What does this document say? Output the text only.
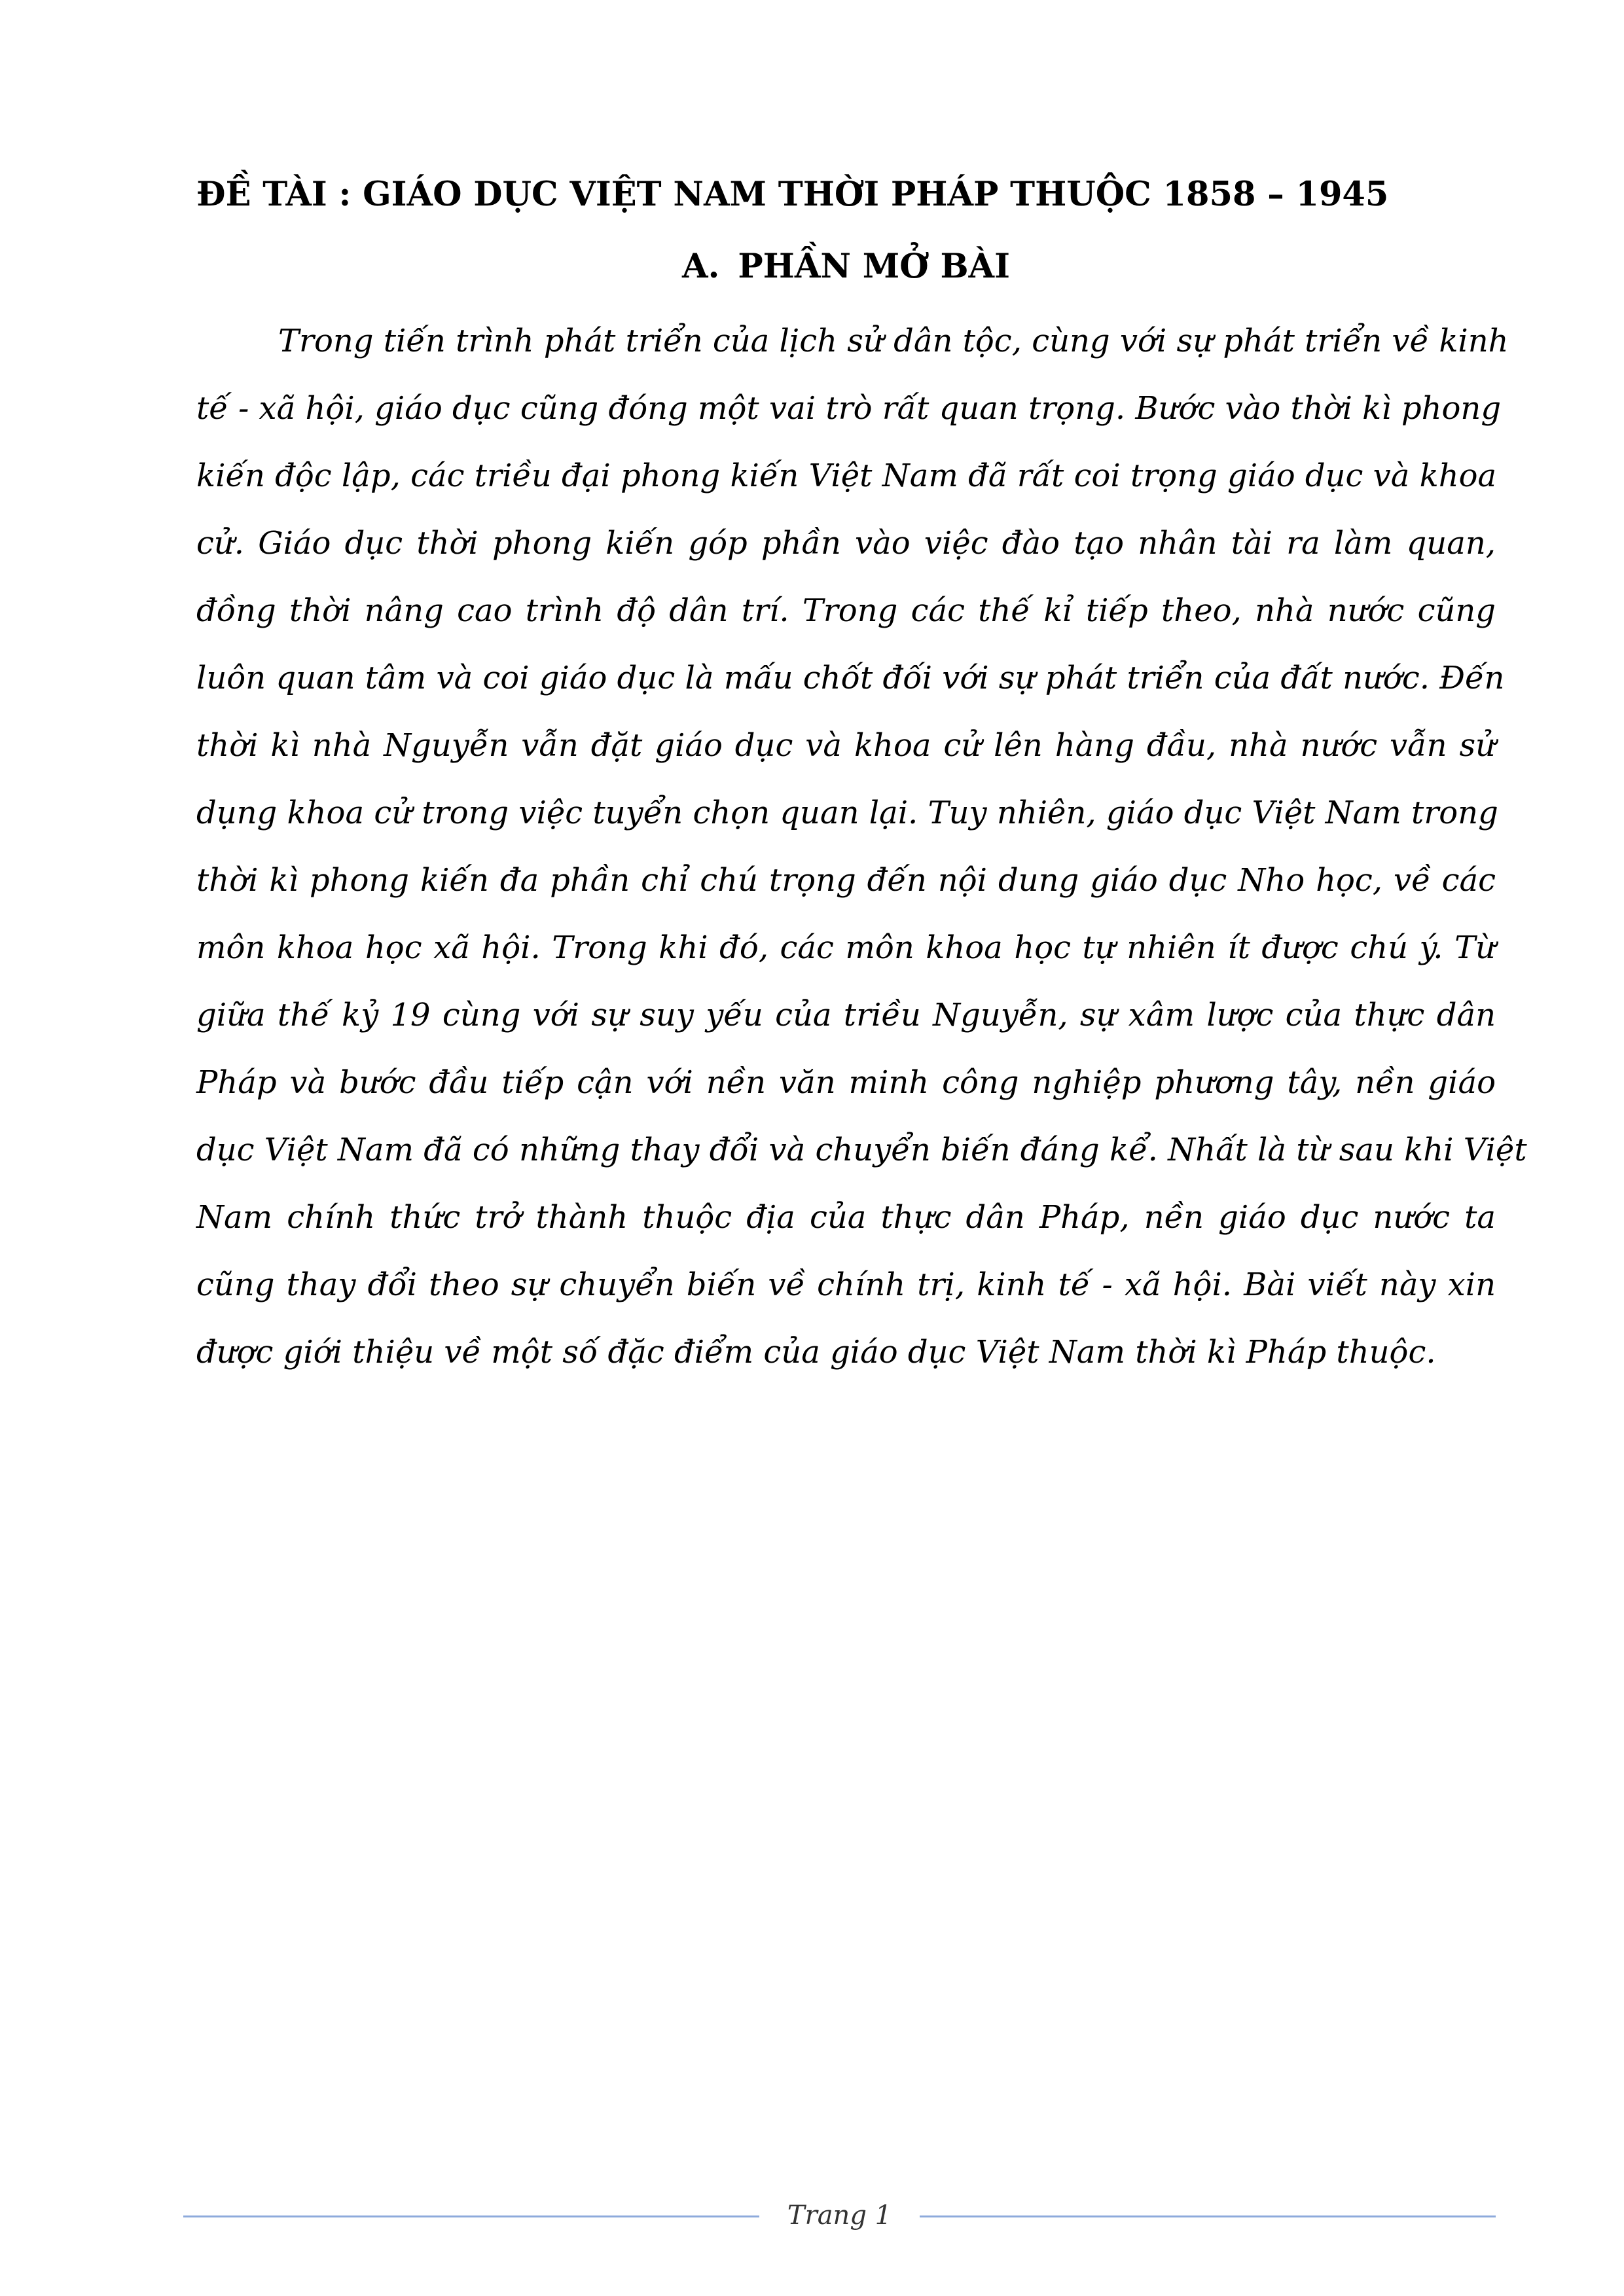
ĐỀ TÀI : GIÁO DỤC VIỆT NAM THỜI PHÁP THUỘC 1858 – 1945
A. PHẦN MỞ BÀI
Trong tiến trình phát triển của lịch sử dân tộc, cùng với sự phát triển về kinh
tế - xã hội, giáo dục cũng đóng một vai trò rất quan trọng. Bước vào thời kì phong
kiến độc lập, các triều đại phong kiến Việt Nam đã rất coi trọng giáo dục và khoa
cử. Giáo dục thời phong kiến góp phần vào việc đào tạo nhân tài ra làm quan,
đồng thời nâng cao trình độ dân trí. Trong các thế kỉ tiếp theo, nhà nước cũng
luôn quan tâm và coi giáo dục là mấu chốt đối với sự phát triển của đất nước. Đến
thời kì nhà Nguyễn vẫn đặt giáo dục và khoa cử lên hàng đầu, nhà nước vẫn sử
dụng khoa cử trong việc tuyển chọn quan lại. Tuy nhiên, giáo dục Việt Nam trong
thời kì phong kiến đa phần chỉ chú trọng đến nội dung giáo dục Nho học, về các
môn khoa học xã hội. Trong khi đó, các môn khoa học tự nhiên ít được chú ý. Từ
giữa thế kỷ 19 cùng với sự suy yếu của triều Nguyễn, sự xâm lược của thực dân
Pháp và bước đầu tiếp cận với nền văn minh công nghiệp phương tây, nền giáo
dục Việt Nam đã có những thay đổi và chuyển biến đáng kể. Nhất là từ sau khi Việt
Nam chính thức trở thành thuộc địa của thực dân Pháp, nền giáo dục nước ta
cũng thay đổi theo sự chuyển biến về chính trị, kinh tế - xã hội. Bài viết này xin
được giới thiệu về một số đặc điểm của giáo dục Việt Nam thời kì Pháp thuộc.
Trang 1
